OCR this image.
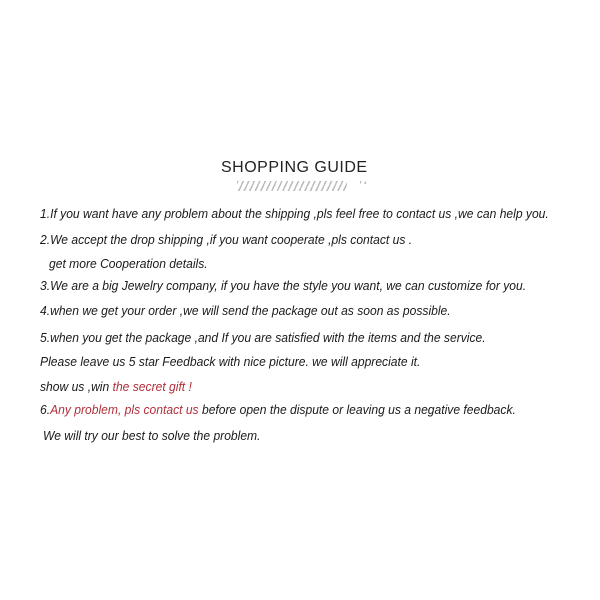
SHOPPING GUIDE
1.If you want have any problem about the shipping ,pls feel free to contact us ,we can help you.
2.We accept the drop shipping ,if you want cooperate ,pls contact us .
get more Cooperation details.
3.We are a big Jewelry company, if you have the style you want, we can customize for you.
4.when we get your order ,we will send the package out as soon as possible.
5.when you get the package ,and If you are satisfied with the items and the service.
Please leave us 5 star Feedback with nice picture. we will appreciate it.
show us ,win the secret gift !
6.Any problem, pls contact us before open the dispute or leaving us a negative feedback.
We will try our best to solve the problem.
